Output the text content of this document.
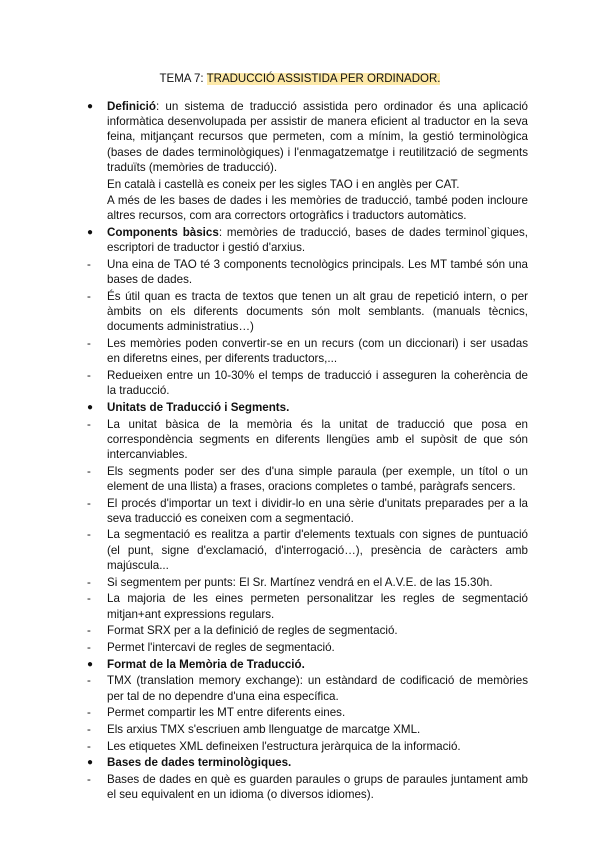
TEMA 7: TRADUCCIÓ ASSISTIDA PER ORDINADOR.
●	Definició: un sistema de traducció assistida pero ordinador és una aplicació informàtica desenvolupada per assistir de manera eficient al traductor en la seva feina, mitjançant recursos que permeten, com a mínim, la gestió terminològica (bases de dades terminològiques) i l'enmagatzematge i reutilització de segments traduïts (memòries de traducció).

En català i castellà es coneix per les sigles TAO i en anglès per CAT.

A més de les bases de dades i les memòries de traducció, també poden incloure altres recursos, com ara correctors ortogràfics i traductors automàtics.

●	Components bàsics: memòries de traducció, bases de dades terminol`giques, escriptori de traductor i gestió d'arxius.

-	Una eina de TAO té 3 components tecnològics principals. Les MT també són una bases de dades.

-	És útil quan es tracta de textos que tenen un alt grau de repetició intern, o per àmbits on els diferents documents són molt semblants. (manuals tècnics, documents administratius…)

-	Les memòries poden convertir-se en un recurs (com un diccionari) i ser usadas en diferetns eines, per diferents traductors,...

-	Redueixen entre un 10-30% el temps de traducció i asseguren la coherència de la traducció.

●	Unitats de Traducció i Segments.

-	La unitat bàsica de la memòria és la unitat de traducció que posa en correspondència segments en diferents llengües amb el supòsit de que són intercanviables.

-	Els segments poder ser des d'una simple paraula (per exemple, un títol o un element de una llista) a frases, oracions completes o també, paràgrafs sencers.

-	El procés d'importar un text i dividir-lo en una sèrie d'unitats preparades per a la seva traducció es coneixen com a segmentació.

-	La segmentació es realitza a partir d'elements textuals con signes de puntuació (el punt, signe d'exclamació, d'interrogació…), presència de caràcters amb majúscula...

-	Si segmentem per punts: El Sr. Martínez vendrá en el A.V.E. de las 15.30h.

-	La majoria de les eines permeten personalitzar les regles de segmentació mitjan+ant expressions regulars.

-	Format SRX per a la definició de regles de segmentació.

-	Permet l'intercavi de regles de segmentació.

●	Format de la Memòria de Traducció.

-	TMX (translation memory exchange): un estàndard de codificació de memòries per tal de no dependre d'una eina específica.

-	Permet compartir les MT entre diferents eines.

-	Els arxius TMX s'escriuen amb llenguatge de marcatge XML.

-	Les etiquetes XML defineixen l'estructura jeràrquica de la informació.

●	Bases de dades terminològiques.

-	Bases de dades en què es guarden paraules o grups de paraules juntament amb el seu equivalent en un idioma (o diversos idiomes).
